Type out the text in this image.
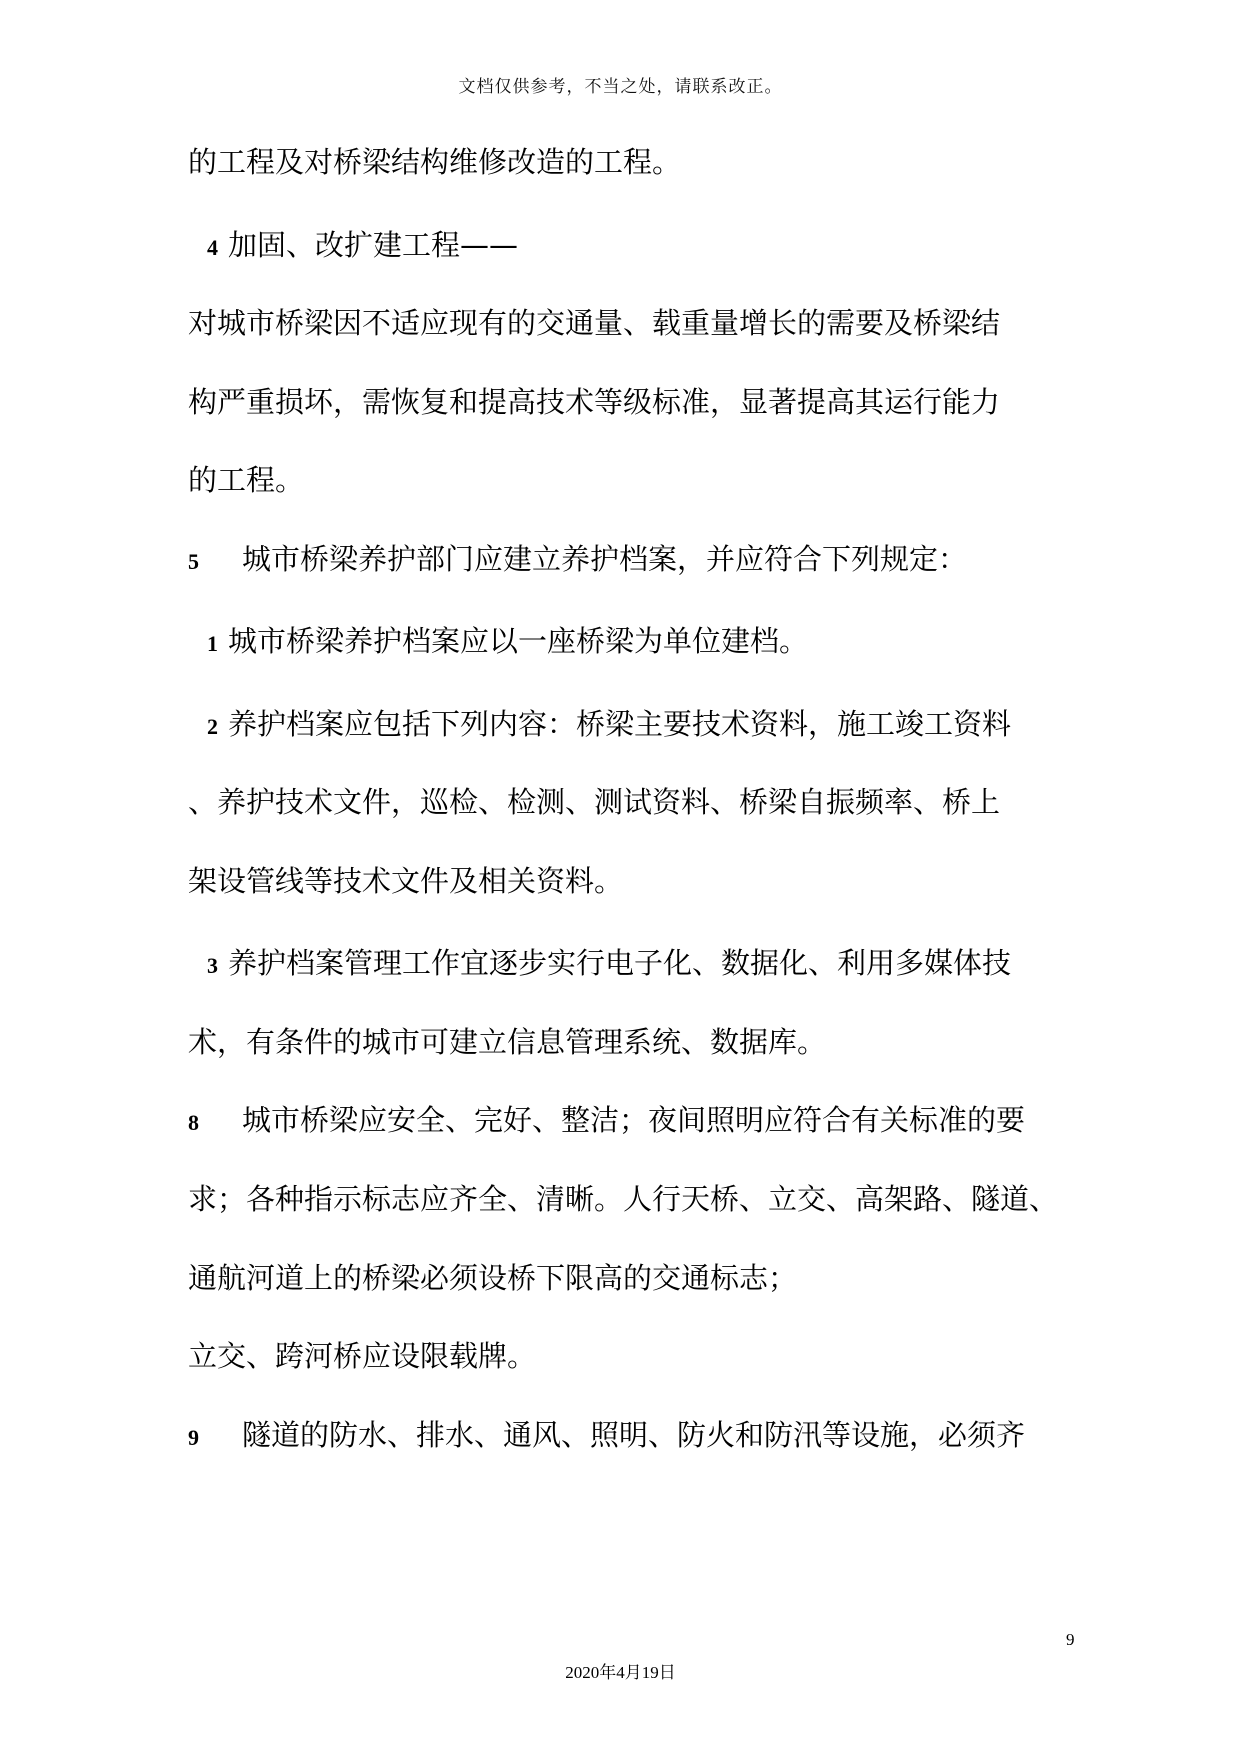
文档仅供参考，不当之处，请联系改正。
的工程及对桥梁结构维修改造的工程。
4 加固、改扩建工程——
对城市桥梁因不适应现有的交通量、载重量增长的需要及桥梁结
构严重损坏，需恢复和提高技术等级标准，显著提高其运行能力
的工程。
5 城市桥梁养护部门应建立养护档案，并应符合下列规定：
1 城市桥梁养护档案应以一座桥梁为单位建档。
2 养护档案应包括下列内容：桥梁主要技术资料，施工竣工资料
、养护技术文件，巡检、检测、测试资料、桥梁自振频率、桥上
架设管线等技术文件及相关资料。
3 养护档案管理工作宜逐步实行电子化、数据化、利用多媒体技
术，有条件的城市可建立信息管理系统、数据库。
8 城市桥梁应安全、完好、整洁；夜间照明应符合有关标准的要
求；各种指示标志应齐全、清晰。人行天桥、立交、高架路、隧道、
通航河道上的桥梁必须设桥下限高的交通标志；
立交、跨河桥应设限载牌。
9 隧道的防水、排水、通风、照明、防火和防汛等设施，必须齐
9
2020年4月19日
